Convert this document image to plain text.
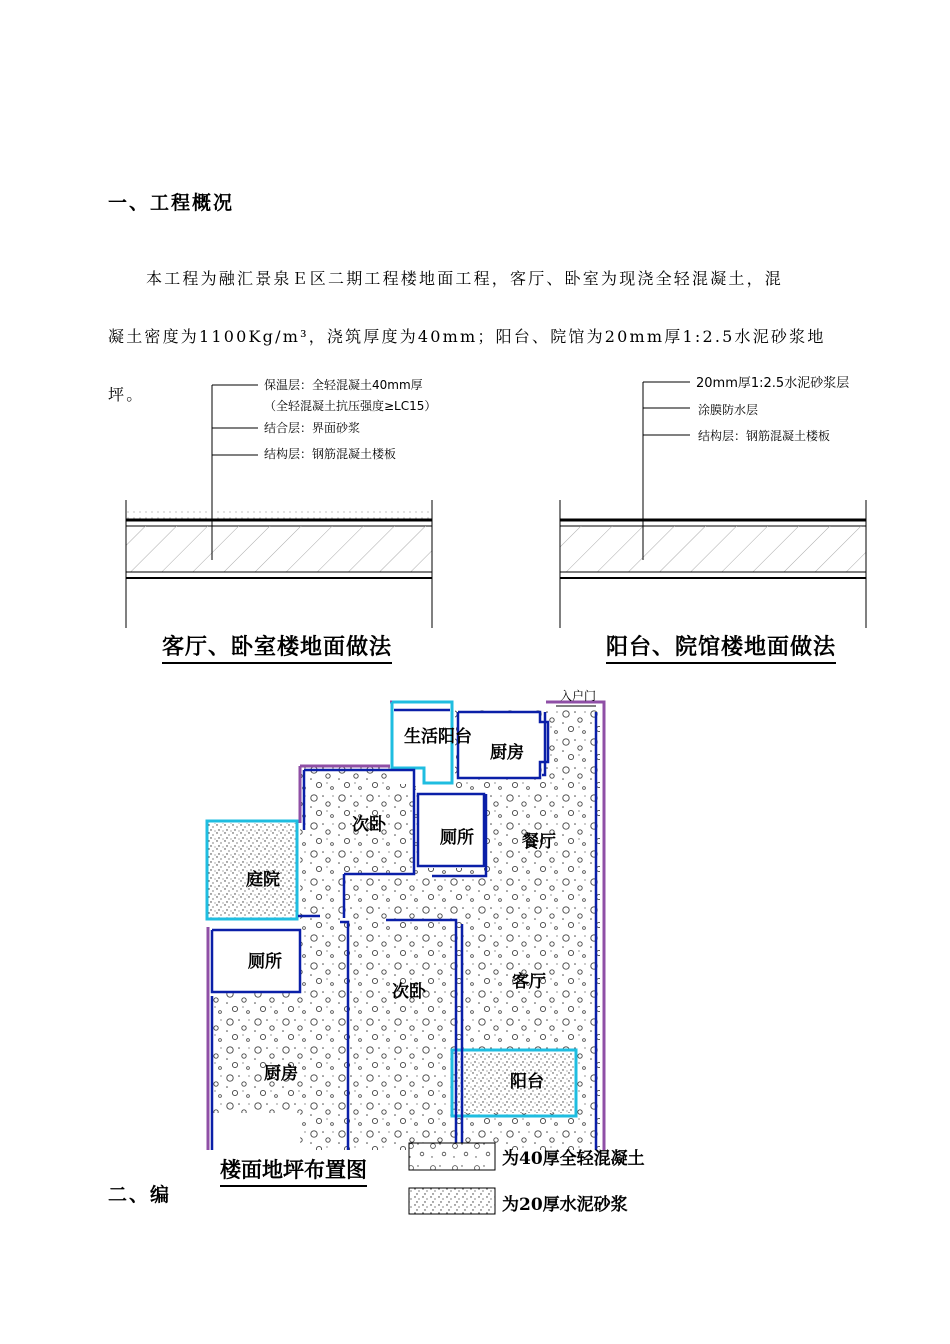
一、工程概况
本工程为融汇景泉Ｅ区二期工程楼地面工程，客厅、卧室为现浇全轻混凝土，混
凝土密度为1100Kg/m³，浇筑厚度为40mm；阳台、院馆为20mm厚1:2.5水泥砂浆地坪。	保温层：全轻混凝土40mm厚
（全轻混凝土抗压强度≥LC15）
结合层：界面砂浆
结构层：钢筋混凝土楼板
20mm厚1:2.5水泥砂浆层
涂膜防水层
结构层：钢筋混凝土楼板
客厅、卧室楼地面做法	阳台、院馆楼地面做法
入户门
生活阳台
厨房
次卧
厕所	餐厅
庭院
厕所
次卧	客厅
厨房	阳台
楼面地坪布置图	为40厚全轻混凝土
为20厚水泥砂浆
二、编
